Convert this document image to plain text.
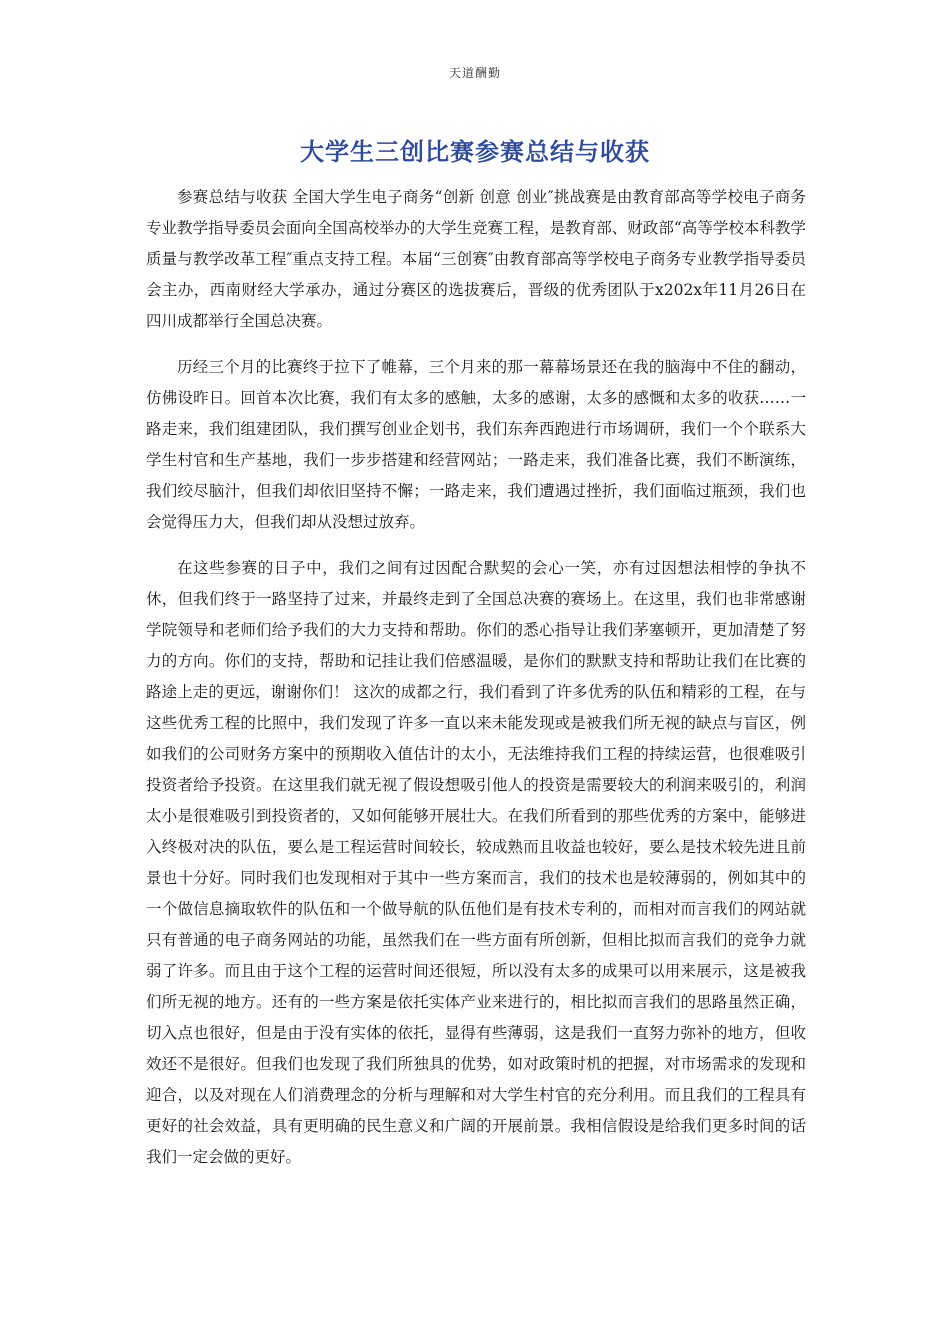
天道酬勤
大学生三创比赛参赛总结与收获

参赛总结与收获 全国大学生电子商务“创新 创意 创业″挑战赛是由教育部高等学校电子商务专业教学指导委员会面向全国高校举办的大学生竞赛工程，是教育部、财政部“高等学校本科教学质量与教学改革工程″重点支持工程。本届“三创赛″由教育部高等学校电子商务专业教学指导委员会主办，西南财经大学承办，通过分赛区的选拔赛后，晋级的优秀团队于x202x年11月26日在四川成都举行全国总决赛。

历经三个月的比赛终于拉下了帷幕，三个月来的那一幕幕场景还在我的脑海中不住的翻动，仿佛设昨日。回首本次比赛，我们有太多的感触，太多的感谢，太多的感慨和太多的收获……一路走来，我们组建团队，我们撰写创业企划书，我们东奔西跑进行市场调研，我们一个个联系大学生村官和生产基地，我们一步步搭建和经营网站；一路走来，我们准备比赛，我们不断演练，我们绞尽脑汁，但我们却依旧坚持不懈；一路走来，我们遭遇过挫折，我们面临过瓶颈，我们也会觉得压力大，但我们却从没想过放弃。

在这些参赛的日子中，我们之间有过因配合默契的会心一笑，亦有过因想法相悖的争执不休，但我们终于一路坚持了过来，并最终走到了全国总决赛的赛场上。在这里，我们也非常感谢学院领导和老师们给予我们的大力支持和帮助。你们的悉心指导让我们茅塞顿开，更加清楚了努力的方向。你们的支持，帮助和记挂让我们倍感温暖，是你们的默默支持和帮助让我们在比赛的路途上走的更远，谢谢你们！ 这次的成都之行，我们看到了许多优秀的队伍和精彩的工程，在与这些优秀工程的比照中，我们发现了许多一直以来未能发现或是被我们所无视的缺点与盲区，例如我们的公司财务方案中的预期收入值估计的太小，无法维持我们工程的持续运营，也很难吸引投资者给予投资。在这里我们就无视了假设想吸引他人的投资是需要较大的利润来吸引的，利润太小是很难吸引到投资者的，又如何能够开展壮大。在我们所看到的那些优秀的方案中，能够进入终极对决的队伍，要么是工程运营时间较长，较成熟而且收益也较好，要么是技术较先进且前景也十分好。同时我们也发现相对于其中一些方案而言，我们的技术也是较薄弱的，例如其中的一个做信息摘取软件的队伍和一个做导航的队伍他们是有技术专利的，而相对而言我们的网站就只有普通的电子商务网站的功能，虽然我们在一些方面有所创新，但相比拟而言我们的竞争力就弱了许多。而且由于这个工程的运营时间还很短，所以没有太多的成果可以用来展示，这是被我们所无视的地方。还有的一些方案是依托实体产业来进行的，相比拟而言我们的思路虽然正确，切入点也很好，但是由于没有实体的依托，显得有些薄弱，这是我们一直努力弥补的地方，但收效还不是很好。但我们也发现了我们所独具的优势，如对政策时机的把握，对市场需求的发现和迎合，以及对现在人们消费理念的分析与理解和对大学生村官的充分利用。而且我们的工程具有更好的社会效益，具有更明确的民生意义和广阔的开展前景。我相信假设是给我们更多时间的话我们一定会做的更好。
